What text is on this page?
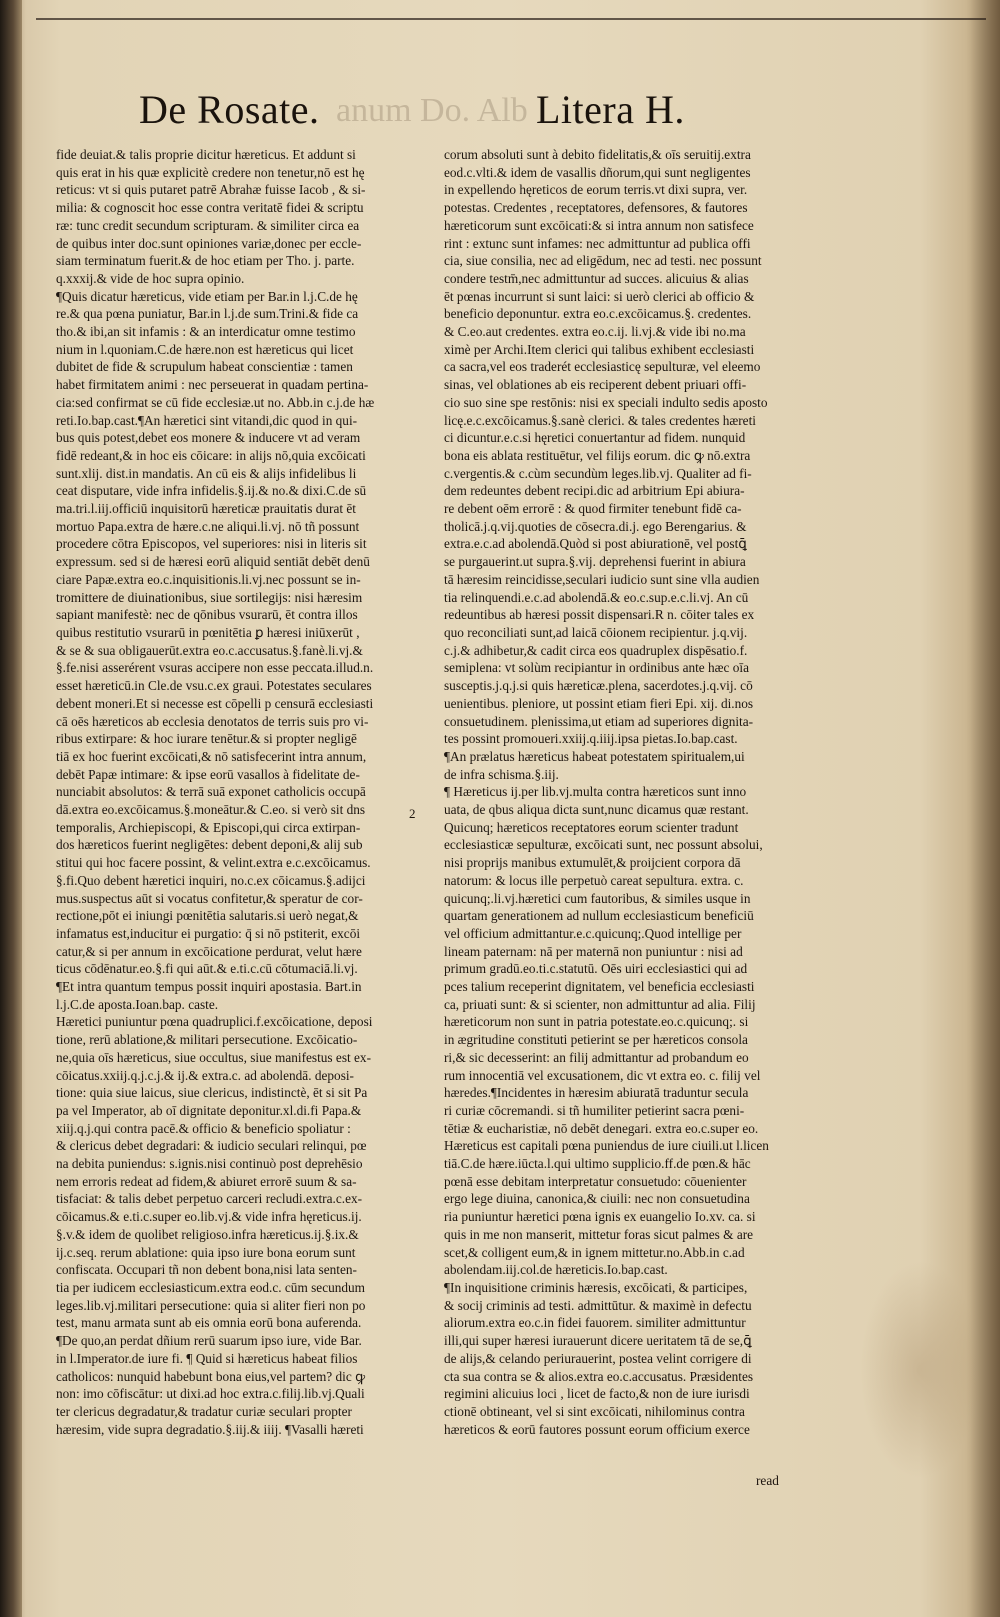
anum Do. Alb
De Rosate.	Litera H.
fide deuiat.& talis proprie dicitur hæreticus. Et addunt si
quis erat in his quæ explicitè credere non tenetur,nō est hę
reticus: vt si quis putaret patrē Abrahæ fuisse Iacob , & si-
milia: & cognoscit hoc esse contra veritatē fidei & scriptu
ræ: tunc credit secundum scripturam. & similiter circa ea
de quibus inter doc.sunt opiniones variæ,donec per eccle-
siam terminatum fuerit.& de hoc etiam per Tho. j. parte.
q.xxxij.& vide de hoc supra opinio.
¶Quis dicatur hæreticus, vide etiam per Bar.in l.j.C.de hę
re.& qua pœna puniatur, Bar.in l.j.de sum.Trini.& fide ca
tho.& ibi,an sit infamis : & an interdicatur omne testimo
nium in l.quoniam.C.de hære.non est hæreticus qui licet
dubitet de fide & scrupulum habeat conscientiæ : tamen
habet firmitatem animi : nec perseuerat in quadam pertina-
cia:sed confirmat se cū fide ecclesiæ.ut no. Abb.in c.j.de hæ
reti.Io.bap.cast.¶An hæretici sint vitandi,dic quod in qui-
bus quis potest,debet eos monere & inducere vt ad veram
fidē redeant,& in hoc eis cōicare: in alijs nō,quia excōicati
sunt.xlij. dist.in mandatis. An cū eis & alijs infidelibus li
ceat disputare, vide infra infidelis.§.ij.& no.& dixi.C.de sū
ma.tri.l.iij.officiū inquisitorū hæreticæ prauitatis durat ēt
mortuo Papa.extra de hære.c.ne aliqui.li.vj. nō tñ possunt
procedere cōtra Episcopos, vel superiores: nisi in literis sit
expressum. sed si de hæresi eorū aliquid sentiāt debēt denū
ciare Papæ.extra eo.c.inquisitionis.li.vj.nec possunt se in-
tromittere de diuinationibus, siue sortilegijs: nisi hæresim
sapiant manifestè: nec de qōnibus vsurarū, ēt contra illos
quibus restitutio vsurarū in pœnitētia ꝑ hæresi iniūxerūt ,
& se & sua obligauerūt.extra eo.c.accusatus.§.fanè.li.vj.&
§.fe.nisi asserérent vsuras accipere non esse peccata.illud.n.
esset hæreticū.in Cle.de vsu.c.ex graui. Potestates seculares
debent moneri.Et si necesse est cōpelli p censurā ecclesiasti
cā oēs hæreticos ab ecclesia denotatos de terris suis pro vi-
ribus extirpare: & hoc iurare tenētur.& si propter negligē
tiā ex hoc fuerint excōicati,& nō satisfecerint intra annum,
debēt Papæ intimare: & ipse eorū vasallos à fidelitate de-
nunciabit absolutos: & terrā suā exponet catholicis occupā
dā.extra eo.excōicamus.§.moneātur.& C.eo. si verò sit dns
temporalis, Archiepiscopi, & Episcopi,qui circa extirpan-
dos hæreticos fuerint negligētes: debent deponi,& alij sub
stitui qui hoc facere possint, & velint.extra e.c.excōicamus.
§.fi.Quo debent hæretici inquiri, no.c.ex cōicamus.§.adijci
mus.suspectus aūt si vocatus confitetur,& speratur de cor-
rectione,pōt ei iniungi pœnitētia salutaris.si uerò negat,&
infamatus est,inducitur ei purgatio: q̄ si nō pstiterit, excōi
catur,& si per annum in excōicatione perdurat, velut hære
ticus cōdēnatur.eo.§.fi qui aūt.& e.ti.c.cū cōtumaciā.li.vj.
¶Et intra quantum tempus possit inquiri apostasia. Bart.in
l.j.C.de aposta.Ioan.bap. caste.
Hæretici puniuntur pœna quadruplici.f.excōicatione, deposi
tione, rerū ablatione,& militari persecutione. Excōicatio-
ne,quia oīs hæreticus, siue occultus, siue manifestus est ex-
cōicatus.xxiij.q.j.c.j.& ij.& extra.c. ad abolendā. deposi-
tione: quia siue laicus, siue clericus, indistinctè, ēt si sit Pa
pa vel Imperator, ab oī dignitate deponitur.xl.di.fi Papa.&
xiij.q.j.qui contra pacē.& officio & beneficio spoliatur :
& clericus debet degradari: & iudicio seculari relinqui, pœ
na debita puniendus: s.ignis.nisi continuò post deprehēsio
nem erroris redeat ad fidem,& abiuret errorē suum & sa-
tisfaciat: & talis debet perpetuo carceri recludi.extra.c.ex-
cōicamus.& e.ti.c.super eo.lib.vj.& vide infra hęreticus.ij.
§.v.& idem de quolibet religioso.infra hæreticus.ij.§.ix.&
ij.c.seq. rerum ablatione: quia ipso iure bona eorum sunt
confiscata. Occupari tñ non debent bona,nisi lata senten-
tia per iudicem ecclesiasticum.extra eod.c. cūm secundum
leges.lib.vj.militari persecutione: quia si aliter fieri non po
test, manu armata sunt ab eis omnia eorū bona auferenda.
¶De quo,an perdat dñium rerū suarum ipso iure, vide Bar.
in l.Imperator.de iure fi. ¶ Quid si hæreticus habeat filios
catholicos: nunquid habebunt bona eius,vel partem? dic ꝙ
non: imo cōfiscātur: ut dixi.ad hoc extra.c.filij.lib.vj.Quali
ter clericus degradatur,& tradatur curiæ seculari propter
hæresim, vide supra degradatio.§.iij.& iiij. ¶Vasalli hæreti
2
corum absoluti sunt à debito fidelitatis,& oīs seruitij.extra
eod.c.vlti.& idem de vasallis dñorum,qui sunt negligentes
in expellendo hęreticos de eorum terris.vt dixi supra, ver.
potestas. Credentes , receptatores, defensores, & fautores
hæreticorum sunt excōicati:& si intra annum non satisfece
rint : extunc sunt infames: nec admittuntur ad publica offi
cia, siue consilia, nec ad eligēdum, nec ad testi. nec possunt
condere testm̄,nec admittuntur ad succes. alicuius & alias
ēt pœnas incurrunt si sunt laici: si uerò clerici ab officio &
beneficio deponuntur. extra eo.c.excōicamus.§. credentes.
& C.eo.aut credentes. extra eo.c.ij. li.vj.& vide ibi no.ma
ximè per Archi.Item clerici qui talibus exhibent ecclesiasti
ca sacra,vel eos traderét ecclesiasticę sepulturæ, vel eleemo
sinas, vel oblationes ab eis reciperent debent priuari offi-
cio suo sine spe restōnis: nisi ex speciali indulto sedis aposto
licę.e.c.excōicamus.§.sanè clerici. & tales credentes hæreti
ci dicuntur.e.c.si hęretici conuertantur ad fidem. nunquid
bona eis ablata restituētur, vel filijs eorum. dic ꝙ nō.extra
c.vergentis.& c.cùm secundùm leges.lib.vj. Qualiter ad fi-
dem redeuntes debent recipi.dic ad arbitrium Epi abiura-
re debent oēm errorē : & quod firmiter tenebunt fidē ca-
tholicā.j.q.vij.quoties de cōsecra.di.j. ego Berengarius. &
extra.e.c.ad abolendā.Quòd si post abiurationē, vel postꝗ̄
se purgauerint.ut supra.§.vij. deprehensi fuerint in abiura
tā hæresim reincidisse,seculari iudicio sunt sine vlla audien
tia relinquendi.e.c.ad abolendā.& eo.c.sup.e.c.li.vj. An cū
redeuntibus ab hæresi possit dispensari.R n. cōiter tales ex
quo reconciliati sunt,ad laicā cōionem recipientur. j.q.vij.
c.j.& adhibetur,& cadit circa eos quadruplex dispēsatio.f.
semiplena: vt solùm recipiantur in ordinibus ante hæc oīa
susceptis.j.q.j.si quis hæreticæ.plena, sacerdotes.j.q.vij. cō
uenientibus. pleniore, ut possint etiam fieri Epi. xij. di.nos
consuetudinem. plenissima,ut etiam ad superiores dignita-
tes possint promoueri.xxiij.q.iiij.ipsa pietas.Io.bap.cast.
¶An prælatus hæreticus habeat potestatem spiritualem,ui
de infra schisma.§.iij.
¶ Hæreticus ij.per lib.vj.multa contra hæreticos sunt inno
uata, de qbus aliqua dicta sunt,nunc dicamus quæ restant.
Quicunq; hæreticos receptatores eorum scienter tradunt
ecclesiasticæ sepulturæ, excōicati sunt, nec possunt absolui,
nisi proprijs manibus extumulēt,& proijcient corpora dā
natorum: & locus ille perpetuò careat sepultura. extra. c.
quicunq;.li.vj.hæretici cum fautoribus, & similes usque in
quartam generationem ad nullum ecclesiasticum beneficiū
vel officium admittantur.e.c.quicunq;.Quod intellige per
lineam paternam: nā per maternā non puniuntur : nisi ad
primum gradū.eo.ti.c.statutū. Oēs uiri ecclesiastici qui ad
pces talium receperint dignitatem, vel beneficia ecclesiasti
ca, priuati sunt: & si scienter, non admittuntur ad alia. Filij
hæreticorum non sunt in patria potestate.eo.c.quicunq;. si
in ægritudine constituti petierint se per hæreticos consola
ri,& sic decesserint: an filij admittantur ad probandum eo
rum innocentiā vel excusationem, dic vt extra eo. c. filij vel
hæredes.¶Incidentes in hæresim abiuratā traduntur secula
ri curiæ cōcremandi. si tñ humiliter petierint sacra pœni-
tētiæ & eucharistiæ, nō debēt denegari. extra eo.c.super eo.
Hæreticus est capitali pœna puniendus de iure ciuili.ut l.licen
tiā.C.de hære.iūcta.l.qui ultimo supplicio.ff.de pœn.& hāc
pœnā esse debitam interpretatur consuetudo: cōuenienter
ergo lege diuina, canonica,& ciuili: nec non consuetudina
ria puniuntur hæretici pœna ignis ex euangelio Io.xv. ca. si
quis in me non manserit, mittetur foras sicut palmes & are
scet,& colligent eum,& in ignem mittetur.no.Abb.in c.ad
abolendam.iij.col.de hæreticis.Io.bap.cast.
¶In inquisitione criminis hæresis, excōicati, & participes,
& socij criminis ad testi. admittūtur. & maximè in defectu
aliorum.extra eo.c.in fidei fauorem. similiter admittuntur
illi,qui super hæresi iurauerunt dicere ueritatem tā de se,ꝗ̄
de alijs,& celando periurauerint, postea velint corrigere di
cta sua contra se & alios.extra eo.c.accusatus. Præsidentes
regimini alicuius loci , licet de facto,& non de iure iurisdi
ctionē obtineant, vel si sint excōicati, nihilominus contra
hæreticos & eorū fautores possunt eorum officium exerce
read
